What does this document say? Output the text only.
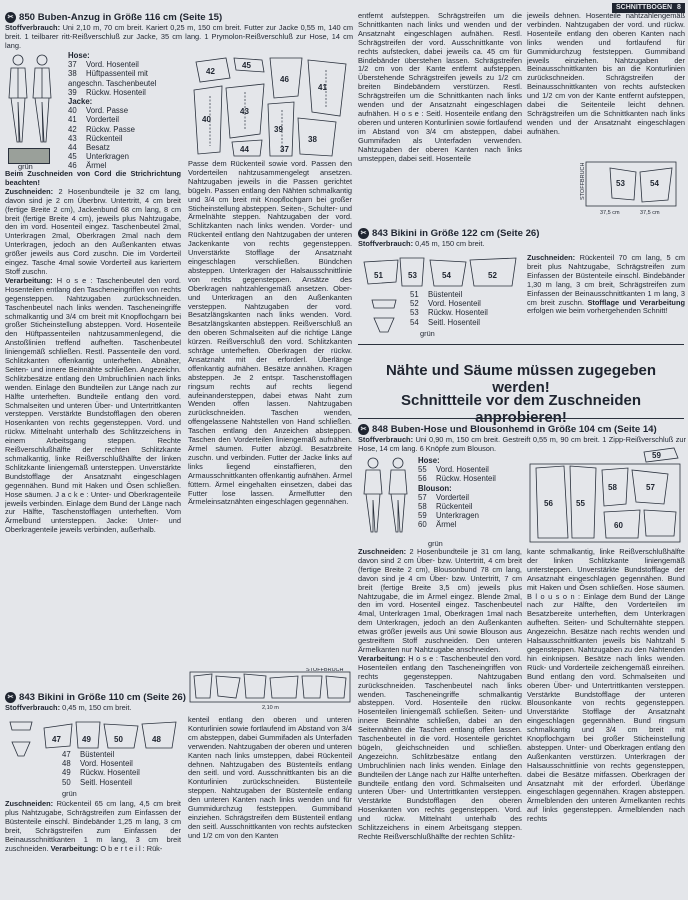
SCHNITTBOGEN 8
✂ 850 Buben-Anzug in Größe 116 cm (Seite 15)
Stoffverbrauch: Uni 2,10 m, 70 cm breit. Kariert 0,25 m, 150 cm breit. Futter zur Jacke 0,55 m, 140 cm breit. 1 teilbarer ritt-Reißverschluß zur Jacke, 35 cm lang. 1 Prymolon-Reißverschluß zur Hose, 14 cm lang.
Hose:
37 Vord. Hosenteil
38 Hüftpassenteil mit angeschn. Taschenbeutel
39 Rückw. Hosenteil
Jacke:
40 Vord. Passe
41 Vorderteil
42 Rückw. Passe
43 Rückenteil
44 Besatz
45 Unterkragen
46 Ärmel
grün
42
45
46
41
40
43
39
38
37
44
Beim Zuschneiden von Cord die Strichrichtung beachten!
Zuschneiden: 2 Hosenbundteile je 32 cm lang, davon sind je 2 cm Überbrw. Untertritt, 4 cm breit (fertige Breite 2 cm), Jackenbund 68 cm lang, 8 cm breit (fertige Breite 4 cm), jeweils plus Nahtzugabe, den im vord. Hosenteil eingez. Taschenbeutel 2mal, Unterkragen 2mal, Oberkragen 2mal nach dem Unterkragen, jedoch an den Außenkanten etwas größer jeweils aus Cord zuschn. Die im Vorderteil eingez. Tasche 4mal sowie Vorderteil aus kariertem Stoff zuschn.
Verarbeitung: H o s e : Taschenbeutel den vord. Hosenteilen entlang den Tascheneingriffen von rechts gegensteppen. Nahtzugaben zurückschneiden. Taschenbeutel nach links wenden. Tascheneingriffe schmalkantig und 3/4 cm breit mit Knopflochgarn bei großer Sticheinstellung absteppen. Vord. Hosenteile den Hüftpassenteilen nahtzusammenlegend, die Anstoßlinien treffend aufheften. Taschenbeutel liniengemäß schließen. Restl. Passenteile den vord. Schlitzkanten offenkantig unterheften. Abnäher, Seiten- und innere Beinnähte schließen. Angezeichn. Schlitzbesätze entlang den Umbruchlinien nach links wenden. Einlage den Bundteilen zur Länge nach zur Hälfte unterheften. Bundteile entlang den vord. Schmalseiten und unteren Über- und Untertrittkanten versteppen. Verstärkte Bundstofflagen den oberen Hosenkanten von rechts gegensteppen. Vord. und rückw. Mittelnaht unterhalb des Schlitzzeichens in einem Arbeitsgang steppen. Rechte Reißverschlußhälfte der rechten Schlitzkante schmalkantig, linke Reißverschlußhälfte der linken Schlitzkante liniengemäß untersteppen. Unverstärkte Bundstofflage der Ansatznaht eingeschlagen gegennähen. Bund mit Haken und Ösen schließen. Hose säumen. J a c k e : Unter- und Oberkragenteile jeweils verbinden. Einlage dem Bund der Länge nach zur Hälfte, Taschenstofflagen unterheften. Vom Ärmelbund untersteppen. Jacke: Unter- und Oberkragenteile jeweils verbinden, außerhalb.
Passe dem Rückenteil sowie vord. Passen den Vorderteilen nahtzusammengelegt ansetzen. Nahtzugaben jeweils in die Passen gerichtet bügeln. Passen entlang den Nähten schmalkantig und 3/4 cm breit mit Knopflochgarn bei großer Sticheinstellung absteppen. Seiten-, Schulter- und Ärmelnähte steppen. Nahtzugaben der vord. Schlitzkanten nach links wenden. Vorder- und Rückenteil entlang den Nahtzugaben der unteren Jackenkante von rechts gegensteppen. Unverstärkte Stofflage der Ansatznaht eingeschlagen verschließen. Bündchen absteppen. Unterkragen der Halsausschnittlinie von rechts gegensteppen. Ansätze des Oberkragen nahtzahlengemäß ansetzen. Ober- und Unterkragen an den Außenkanten versteppen. Nahtzugaben der vord. Besatzlängskanten nach links wenden. Vord. Besatzlängskanten absteppen. Reißverschluß an den oberen Schmalseiten auf die richtige Länge kürzen. Reißverschluß den vord. Schlitzkanten schräge unterheften. Oberkragen der rückw. Ansatznaht mit der erforderl. Überlänge offenkantig aufnähen. Besätze annähen. Kragen absteppen. Je 2 entspr. Taschenstofflagen ringsum rechts auf rechts liegend aufeinandersteppen, dabei etwas Naht zum Wenden offen lassen. Nahtzugaben zurückschneiden. Taschen wenden, offengelassene Nahtstellen von Hand schließen. Taschen entlang den Anzeichen absteppen. Taschen den Vorderteilen liniengemäß aufnähen. Ärmel säumen. Futter abzügl. Besatzbreite zuschn. und verbinden. Futter der Jacke links auf links liegend einstaffieren, den Armausschnittkanten offenkantig aufnähen. Ärmel füttern. Ärmel eingehalten einsetzen, dabei das Futter lose lassen. Ärmelfutter den Ärmeleinsatznähten eingeschlagen gegennähen.
STOFFBRUCH
2,10 m
entfernt aufsteppen. Schrägstreifen um die Schnittkanten nach links und wenden und der Ansatznaht eingeschlagen aufnähen. Restl. Schrägstreifen der vord. Ausschnittkante von rechts aufstecken, dabei jeweils ca. 45 cm für Bindebänder überstehen lassen. Schrägstreifen 1/2 cm von der Kante entfernt aufsteppen. Überstehende Schrägstreifen jeweils zu 1/2 cm breiten Bindebändern verstürzen. Restl. Schrägstreifen um die Schnittkanten nach links wenden und der Ansatznaht eingeschlagen aufnähen. H o s e : Seitl. Hosenteile entlang den oberen und unteren Konturlinien sowie fortlaufend im Abstand von 3/4 cm absteppen, dabei Gummifaden als Unterfaden verwenden. Nahtzugaben der oberen Kanten nach links umsteppen, dabei seitl. Hosenteile
jeweils dehnen. Hosenteile nahtzahlengemäß verbinden. Nahtzugaben der vord. und rückw. Hosenteile entlang den oberen Kanten nach links wenden und fortlaufend für Gummidurchzug feststeppen. Gummiband jeweils einziehen. Nahtzugaben der Beinausschnittkanten bis an die Konturlinien zurückschneiden. Schrägstreifen der Beinausschnittkanten von rechts aufstecken und 1/2 cm von der Kante entfernt aufsteppen, dabei die Seitenteile leicht dehnen. Schrägstreifen um die Schnittkanten nach links wenden und der Ansatznaht eingeschlagen aufnähen.
STOFFBRUCH	53	54
37,5 cm	37,5 cm
✂ 843 Bikini in Größe 122 cm (Seite 26)
Stoffverbrauch: 0,45 m, 150 cm breit.
51	53	54	52
51 Büstenteil
52 Vord. Hosenteil
53 Rückw. Hosenteil
54 Seitl. Hosenteil
grün
Zuschneiden: Rückenteil 70 cm lang, 5 cm breit plus Nahtzugabe, Schrägstreifen zum Einfassen der Büstenteile einschl. Bindebänder 1,30 m lang, 3 cm breit, Schrägstreifen zum Einfassen der Beinausschnittkanten 1 m lang, 3 cm breit zuschn. Stofflage und Verarbeitung erfolgen wie beim vorhergehenden Schnitt!
Nähte und Säume müssen zugegeben werden!
Schnittteile vor dem Zuschneiden anprobieren!
✂ 848 Buben-Hose und Blousonhemd in Größe 104 cm (Seite 14)
Stoffverbrauch: Uni 0,90 m, 150 cm breit. Gestreift 0,55 m, 90 cm breit. 1 Zipp-Reißverschluß zur Hose, 14 cm lang. 6 Knöpfe zum Blouson.
Hose:
55 Vord. Hosenteil
56 Rückw. Hosenteil
Blouson:
57 Vorderteil
58 Rückenteil
59 Unterkragen
60 Ärmel
grün
56	55
58	57
60
59
Zuschneiden: 2 Hosenbundteile je 31 cm lang, davon sind 2 cm Über- bzw. Untertritt, 4 cm breit (fertige Breite 2 cm), Blousonbund 78 cm lang, davon sind je 4 cm Über- bzw. Untertritt, 7 cm breit (fertige Breite 3,5 cm) jeweils plus Nahtzugabe, die im Ärmel eingez. Blende 2mal, den im vord. Hosenteil eingez. Taschenbeutel 4mal, Unterkragen 1mal, Oberkragen 1mal nach dem Unterkragen, jedoch an den Außenkanten etwas größer jeweils aus Uni sowie Blouson aus gestreiftem Stoff zuschneiden. Den unteren Ärmelkanten nur Nahtzugabe anschneiden.
Verarbeitung: H o s e : Taschenbeutel den vord. Hosenteilen entlang den Tascheneingriffen von rechts gegensteppen. Nahtzugaben zurückschneiden. Taschenbeutel nach links wenden. Tascheneingriffe schmalkantig absteppen. Vord. Hosenteile den rückw. Hosenteilen liniengemäß schließen. Seiten- und innere Beinnähte schließen, dabei an den Seitennähten die Taschen entlang offen lassen. Taschenbeutel in die vord. Hosenteile gerichtet bügeln, gleichschneiden und schließen. Angezeichn. Schlitzbesätze entlang den Umbruchlinien nach links wenden. Einlage den Bundteilen der Länge nach zur Hälfte unterheften. Bundteile entlang den vord. Schmalseiten und unteren Über- und Untertrittkanten versteppen. Verstärkte Bundstofflagen den oberen Hosenkanten von rechts gegensteppen. Vord. und rückw. Mittelnaht unterhalb des Schlitzzeichens in einem Arbeitsgang steppen. Rechte Reißverschlußhälfte der rechten Schlitz-
kante schmalkantig, linke Reißverschlußhälfte der linken Schlitzkante liniengemäß untersteppen. Unverstärkte Bundstofflage der Ansatznaht eingeschlagen gegennähen. Bund mit Haken und Ösen schließen. Hose säumen. B l o u s o n : Einlage dem Bund der Länge nach zur Hälfte, den Vorderteilen im Besatzbereite unterheften, dem Unterkragen aufheften. Seiten- und Schulternähte steppen. Angezeichn. Besätze nach rechts wenden und Halsausschnittkanten jeweils bis Nahtzahl 5 gegensteppen. Nahtzugaben zu den Nahtenden hin einknipsen. Besätze nach links wenden. Rück- und Vorderteile zeichengemäß einreihen. Bund entlang den vord. Schmalseiten und oberen Über- und Untertrittkanten versteppen. Verstärkte Bundstofflage der unteren Blousonkante von rechts gegensteppen. Unverstärkte Stofflage der Ansatznaht eingeschlagen gegennähen. Bund ringsum schmalkantig und 3/4 cm breit mit Knopflochgarn bei großer Sticheinstellung absteppen. Unter- und Oberkragen entlang den Außenkanten verstürzen. Unterkragen der Halsausschnittlinie von rechts gegensteppen, dabei die Besätze mitfassen. Oberkragen der Ansatznaht mit der erforderl. Überlänge eingeschlagen gegennähen. Kragen absteppen. Ärmelblenden den unteren Ärmelkanten rechts auf links gegensteppen. Ärmelblenden nach rechts
✂ 843 Bikini in Größe 110 cm (Seite 26)
Stoffverbrauch: 0,45 m, 150 cm breit.
47	49	50	48
47 Büstenteil
48 Vord. Hosenteil
49 Rückw. Hosenteil
50 Seitl. Hosenteil
grün
Zuschneiden: Rückenteil 65 cm lang, 4,5 cm breit plus Nahtzugabe, Schrägstreifen zum Einfassen der Büstenteile einschl. Bindebänder 1,25 m lang, 3 cm breit, Schrägstreifen zum Einfassen der Beinausschnittkanten 1 m lang, 3 cm breit zuschneiden. Verarbeitung: O b e r t e i l : Rük-
kenteil entlang den oberen und unteren Konturlinien sowie fortlaufend im Abstand von 3/4 cm absteppen, dabei Gummifaden als Unterfaden verwenden. Nahtzugaben der oberen und unteren Kanten nach links umsteppen, dabei Rückenteil dehnen. Nahtzugaben des Büstenteils entlang den seitl. und vord. Ausschnittkanten bis an die Konturlinien zurückschneiden. Büstenteile steppen. Nahtzugaben der Büstenteile entlang den unteren Kanten nach links wenden und für Gummidurchzug feststeppen. Gummiband einziehen. Schrägstreifen dem Büstenteil entlang den seitl. Ausschnittkanten von rechts aufstecken und 1/2 cm von den Kanten
